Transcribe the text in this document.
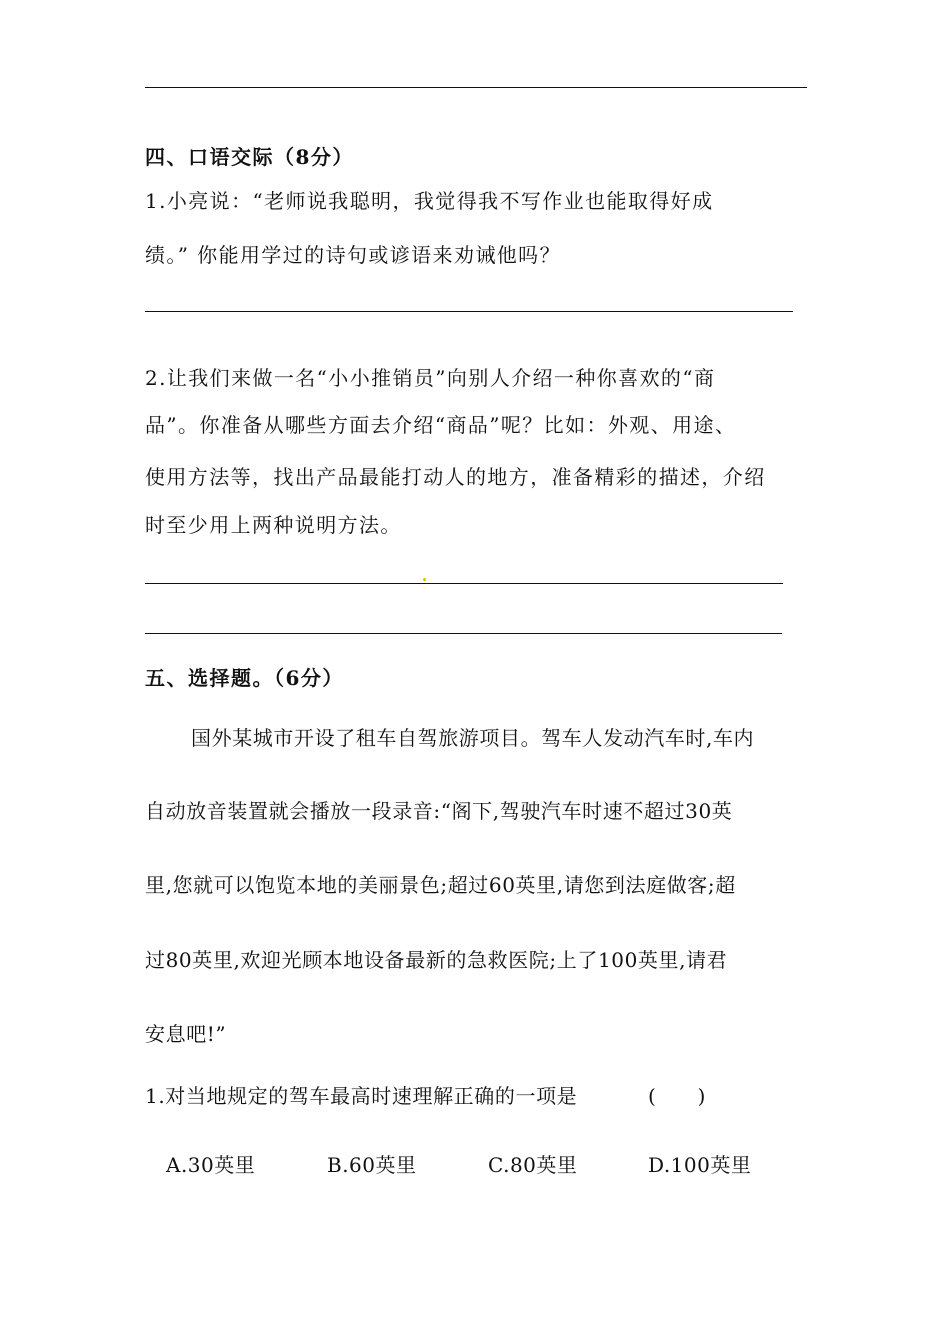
四、口语交际（8分）
1.小亮说：“老师说我聪明，我觉得我不写作业也能取得好成
绩。” 你能用学过的诗句或谚语来劝诫他吗？
2.让我们来做一名“小小推销员”向别人介绍一种你喜欢的“商
品”。你准备从哪些方面去介绍“商品”呢？比如：外观、用途、
使用方法等，找出产品最能打动人的地方，准备精彩的描述，介绍
时至少用上两种说明方法。
五、选择题。（6分）
国外某城市开设了租车自驾旅游项目。驾车人发动汽车时,车内
自动放音装置就会播放一段录音:“阁下,驾驶汽车时速不超过30英
里,您就可以饱览本地的美丽景色;超过60英里,请您到法庭做客;超
过80英里,欢迎光顾本地设备最新的急救医院;上了100英里,请君
安息吧!”
1.对当地规定的驾车最高时速理解正确的一项是	(　　)
A.30英里	B.60英里	C.80英里	D.100英里
